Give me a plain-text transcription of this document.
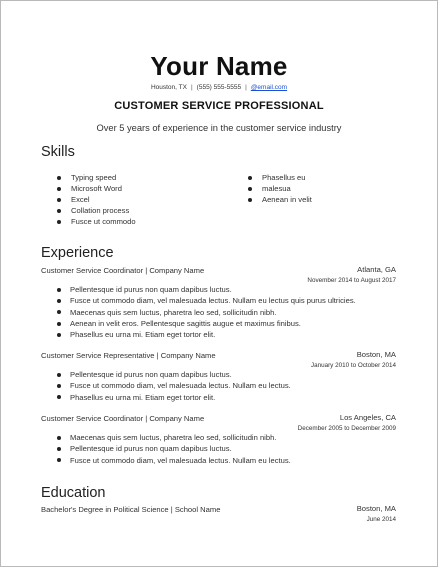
Your Name
Houston, TX | (555) 555-5555 | @email.com
CUSTOMER SERVICE PROFESSIONAL
Over 5 years of experience in the customer service industry
Skills
Typing speed
Microsoft Word
Excel
Collation process
Fusce ut commodo
Phasellus eu
malesua
Aenean in velit
Experience
Customer Service Coordinator | Company Name	Atlanta, GA
November 2014 to August 2017
Pellentesque id purus non quam dapibus luctus.
Fusce ut commodo diam, vel malesuada lectus. Nullam eu lectus quis purus ultricies.
Maecenas quis sem luctus, pharetra leo sed, sollicitudin nibh.
Aenean in velit eros. Pellentesque sagittis augue et maximus finibus.
Phasellus eu urna mi. Etiam eget tortor elit.
Customer Service Representative | Company Name	Boston, MA
January 2010 to October 2014
Pellentesque id purus non quam dapibus luctus.
Fusce ut commodo diam, vel malesuada lectus. Nullam eu lectus.
Phasellus eu urna mi. Etiam eget tortor elit.
Customer Service Coordinator | Company Name	Los Angeles, CA
December 2005 to December 2009
Maecenas quis sem luctus, pharetra leo sed, sollicitudin nibh.
Pellentesque id purus non quam dapibus luctus.
Fusce ut commodo diam, vel malesuada lectus. Nullam eu lectus.
Education
Bachelor's Degree in Political Science | School Name	Boston, MA
June 2014
